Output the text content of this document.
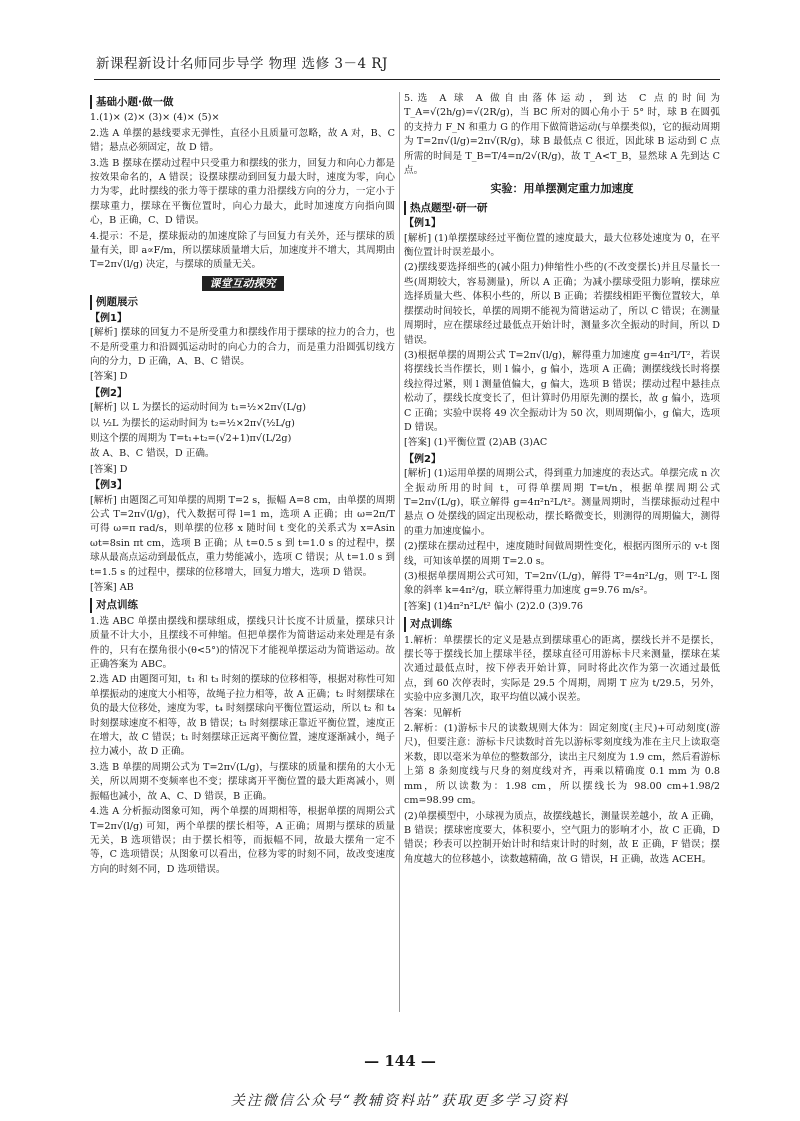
新课程新设计名师同步导学 物理 选修 3－4 RJ
基础小题·做一做
1.(1)× (2)× (3)× (4)× (5)×
2.选 A 单摆的悬线要求无弹性，直径小且质量可忽略，故 A 对，B、C 错；悬点必须固定，故 D 错。
3.选 B 摆球在摆动过程中只受重力和摆线的张力，回复力和向心力都是按效果命名的，A 错误；设摆球摆动到回复力最大时，速度为零，向心力为零，此时摆线的张力等于摆球的重力沿摆线方向的分力，一定小于摆球重力，摆球在平衡位置时，向心力最大，此时加速度方向指向圆心，B 正确，C、D 错误。
4.提示：不是，摆球振动的加速度除了与回复力有关外，还与摆球的质量有关，即 a∝F/m，所以摆球质量增大后，加速度并不增大，其周期由 T=2π√(l/g) 决定，与摆球的质量无关。
课堂互动探究
例题展示
【例1】
[解析] 摆球的回复力不是所受重力和摆线作用于摆球的拉力的合力，也不是所受重力和沿圆弧运动时的向心力的合力，而是重力沿圆弧切线方向的分力，D 正确，A、B、C 错误。
[答案] D
【例2】
[解析] 以 L 为摆长的运动时间为 t₁=½×2π√(L/g)
以 ½L 为摆长的运动时间为 t₂=½×2π√(½L/g)
则这个摆的周期为 T=t₁+t₂=(√2+1)π√(L/2g)
故 A、B、C 错误，D 正确。
[答案] D
【例3】
[解析] 由题图乙可知单摆的周期 T=2 s，振幅 A=8 cm，由单摆的周期公式 T=2π√(l/g)，代入数据可得 l=1 m，选项 A 正确；由 ω=2π/T 可得 ω=π rad/s，则单摆的位移 x 随时间 t 变化的关系式为 x=Asin ωt=8sin πt cm，选项 B 正确；从 t=0.5 s 到 t=1.0 s 的过程中，摆球从最高点运动到最低点，重力势能减小，选项 C 错误；从 t=1.0 s 到 t=1.5 s 的过程中，摆球的位移增大，回复力增大，选项 D 错误。
[答案] AB
对点训练
1.选 ABC 单摆由摆线和摆球组成，摆线只计长度不计质量，摆球只计质量不计大小，且摆线不可伸缩。但把单摆作为简谐运动来处理是有条件的，只有在摆角很小(θ<5°)的情况下才能视单摆运动为简谐运动。故正确答案为 ABC。
2.选 AD 由题图可知，t₁ 和 t₃ 时刻的摆球的位移相等，根据对称性可知单摆振动的速度大小相等，故绳子拉力相等，故 A 正确；t₂ 时刻摆球在负的最大位移处，速度为零，t₄ 时刻摆球向平衡位置运动，所以 t₂ 和 t₄ 时刻摆球速度不相等，故 B 错误；t₃ 时刻摆球正靠近平衡位置，速度正在增大，故 C 错误；t₁ 时刻摆球正远离平衡位置，速度逐渐减小，绳子拉力减小，故 D 正确。
3.选 B 单摆的周期公式为 T=2π√(L/g)，与摆球的质量和摆角的大小无关，所以周期不变频率也不变；摆球离开平衡位置的最大距离减小，则振幅也减小，故 A、C、D 错误，B 正确。
4.选 A 分析振动图象可知，两个单摆的周期相等，根据单摆的周期公式 T=2π√(l/g) 可知，两个单摆的摆长相等，A 正确；周期与摆球的质量无关，B 选项错误；由于摆长相等，而振幅不同，故最大摆角一定不等，C 选项错误；从图象可以看出，位移为零的时刻不同，故改变速度方向的时刻不同，D 选项错误。
5.选 A 球 A 做自由落体运动，到达 C 点的时间为 T_A=√(2h/g)=√(2R/g)，当 BC 所对的圆心角小于 5° 时，球 B 在圆弧的支持力 F_N 和重力 G 的作用下做简谐运动(与单摆类似)，它的振动周期为 T=2π√(l/g)=2π√(R/g)，球 B 最低点 C 很近，因此球 B 运动到 C 点所需的时间是 T_B=T/4=π/2√(R/g)，故 T_A<T_B，显然球 A 先到达 C 点。
实验：用单摆测定重力加速度
热点题型·研一研
【例1】
[解析] (1)单摆摆球经过平衡位置的速度最大，最大位移处速度为 0，在平衡位置计时误差最小。
(2)摆线要选择细些的(减小阻力)伸缩性小些的(不改变摆长)并且尽量长一些(周期较大，容易测量)，所以 A 正确；为减小摆球受阻力影响，摆球应选择质量大些、体积小些的，所以 B 正确；若摆线相距平衡位置较大，单摆摆动时间较长，单摆的周期不能视为简谐运动了，所以 C 错误；在测量周期时，应在摆球经过最低点开始计时，测量多次全振动的时间，所以 D 错误。
(3)根据单摆的周期公式 T=2π√(l/g)，解得重力加速度 g=4π²l/T²，若误将摆线长当作摆长，则 l 偏小，g 偏小，选项 A 正确；测摆线线长时将摆线拉得过紧，则 l 测量值偏大，g 偏大，选项 B 错误；摆动过程中悬挂点松动了，摆线长度变长了，但计算时仍用原先测的摆长，故 g 偏小，选项 C 正确；实验中误将 49 次全振动计为 50 次，则周期偏小，g 偏大，选项 D 错误。
[答案] (1)平衡位置 (2)AB (3)AC
【例2】
[解析] (1)运用单摆的周期公式，得到重力加速度的表达式。单摆完成 n 次全振动所用的时间 t，可得单摆周期 T=t/n，根据单摆周期公式 T=2π√(L/g)，联立解得 g=4π²n²L/t²。测量周期时，当摆球振动过程中悬点 O 处摆线的固定出现松动，摆长略微变长，则测得的周期偏大，测得的重力加速度偏小。
(2)摆球在摆动过程中，速度随时间做周期性变化，根据丙图所示的 v-t 图线，可知该单摆的周期 T=2.0 s。
(3)根据单摆周期公式可知，T=2π√(L/g)，解得 T²=4π²L/g，则 T²-L 图象的斜率 k=4π²/g，联立解得重力加速度 g=9.76 m/s²。
[答案] (1)4π²n²L/t² 偏小 (2)2.0 (3)9.76
对点训练
1.解析：单摆摆长的定义是悬点到摆球重心的距离，摆线长并不是摆长，摆长等于摆线长加上摆球半径，摆球直径可用游标卡尺来测量，摆球在某次通过最低点时，按下停表开始计算，同时将此次作为第一次通过最低点，到 60 次停表时，实际是 29.5 个周期，周期 T 应为 t/29.5，另外，实验中应多测几次，取平均值以减小误差。
答案：见解析
2.解析：(1)游标卡尺的读数规则大体为：固定刻度(主尺)+可动刻度(游尺)，但要注意：游标卡尺读数时首先以游标零刻度线为准在主尺上读取毫米数，即以毫米为单位的整数部分，读出主尺刻度为 1.9 cm，然后看游标上第 8 条刻度线与尺身的刻度线对齐，再乘以精确度 0.1 mm 为 0.8 mm，所以读数为：1.98 cm，所以摆线长为 98.00 cm+1.98/2 cm=98.99 cm。
(2)单摆模型中，小球视为质点，故摆线越长，测量误差越小，故 A 正确，B 错误；摆球密度要大，体积要小，空气阻力的影响才小，故 C 正确，D 错误；秒表可以控制开始计时和结束计时的时刻，故 E 正确，F 错误；摆角度越大的位移越小，读数越精确，故 G 错误，H 正确，故选 ACEH。
— 144 —
关注微信公众号“教辅资料站”获取更多学习资料
